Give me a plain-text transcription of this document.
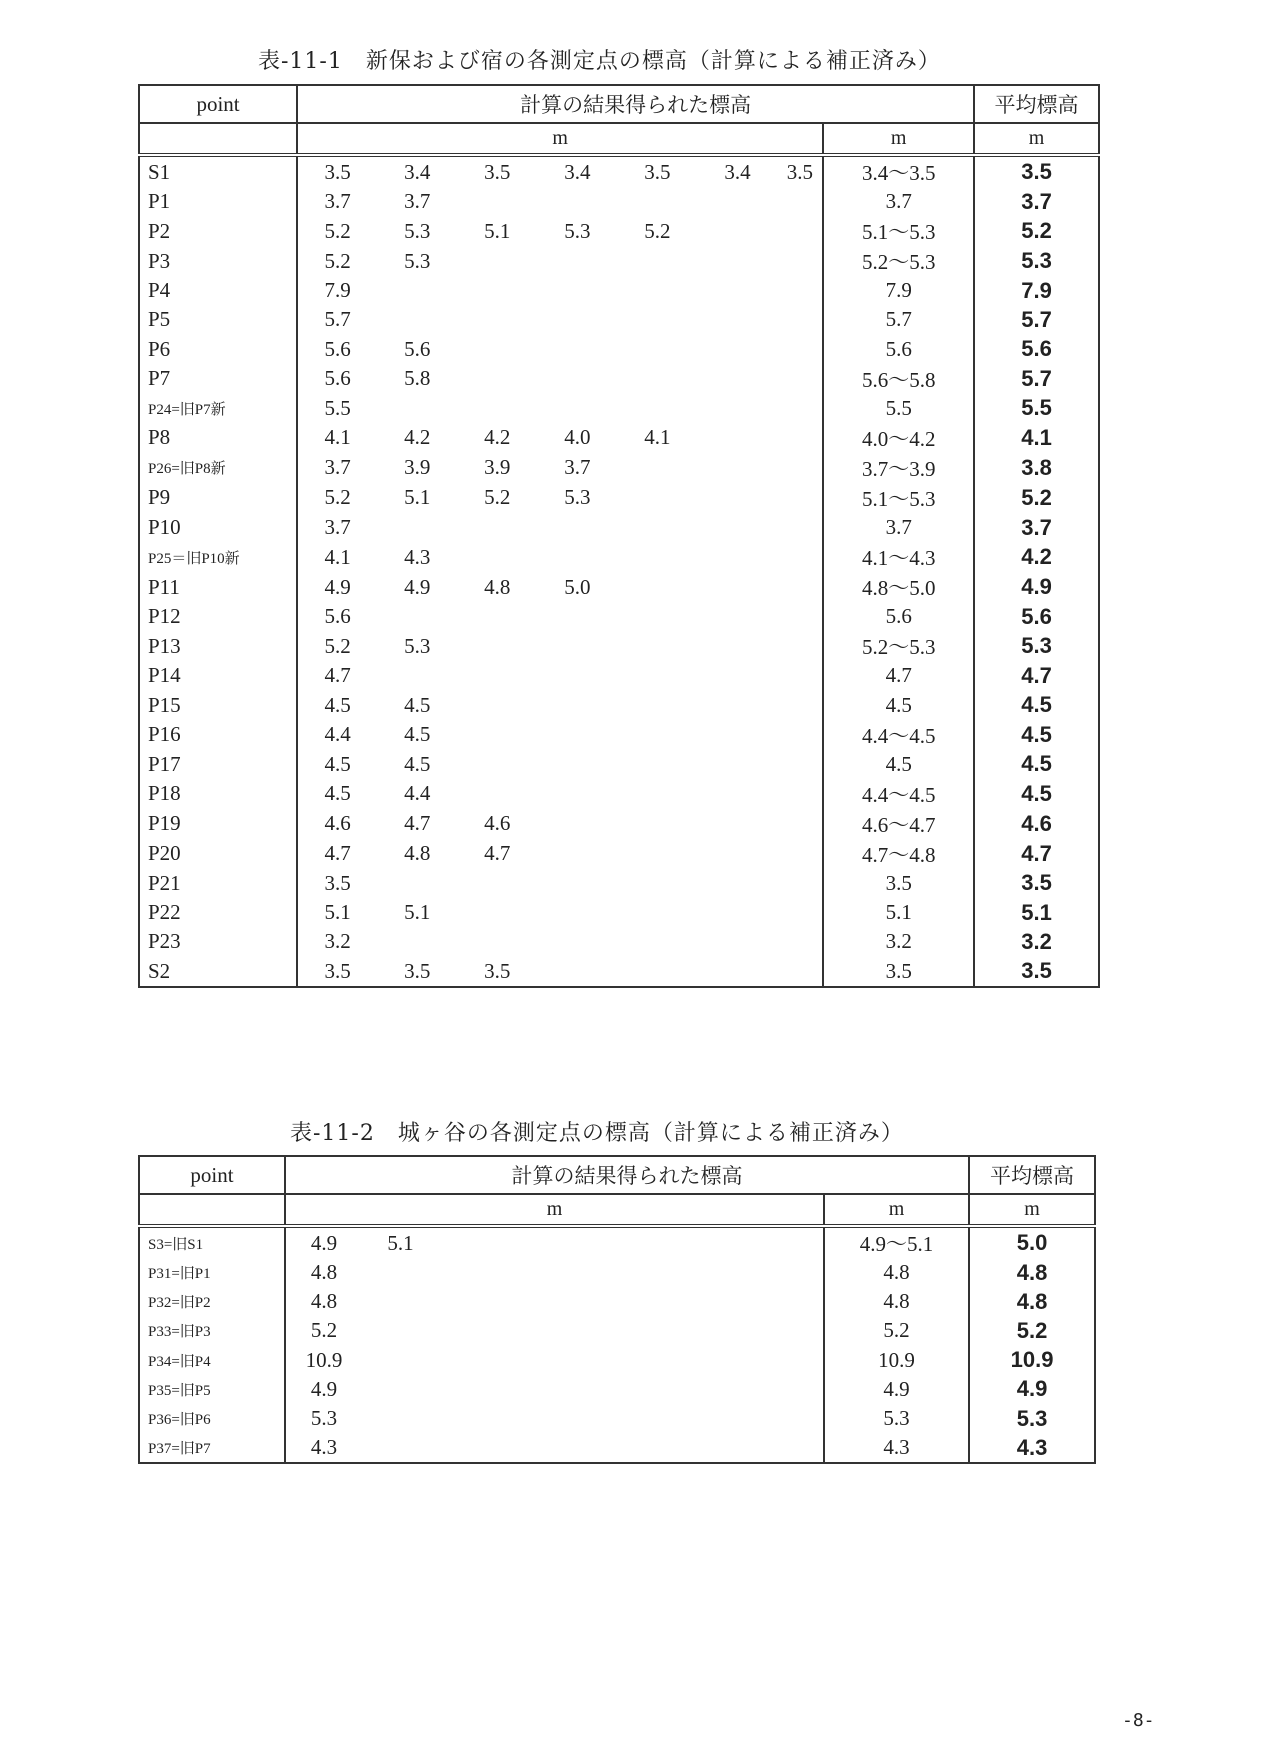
表-11-1　新保および宿の各測定点の標高（計算による補正済み）
point	計算の結果得られた標高								平均標高
	m							m	m
S1	3.5	3.4	3.5	3.4	3.5	3.4	3.5	3.4～3.5	3.5
P1	3.7	3.7						3.7	3.7
P2	5.2	5.3	5.1	5.3	5.2			5.1～5.3	5.2
P3	5.2	5.3						5.2～5.3	5.3
P4	7.9							7.9	7.9
P5	5.7							5.7	5.7
P6	5.6	5.6						5.6	5.6
P7	5.6	5.8						5.6～5.8	5.7
P24=旧P7新	5.5							5.5	5.5
P8	4.1	4.2	4.2	4.0	4.1			4.0～4.2	4.1
P26=旧P8新	3.7	3.9	3.9	3.7				3.7～3.9	3.8
P9	5.2	5.1	5.2	5.3				5.1～5.3	5.2
P10	3.7							3.7	3.7
P25＝旧P10新	4.1	4.3						4.1～4.3	4.2
P11	4.9	4.9	4.8	5.0				4.8～5.0	4.9
P12	5.6							5.6	5.6
P13	5.2	5.3						5.2～5.3	5.3
P14	4.7							4.7	4.7
P15	4.5	4.5						4.5	4.5
P16	4.4	4.5						4.4～4.5	4.5
P17	4.5	4.5						4.5	4.5
P18	4.5	4.4						4.4～4.5	4.5
P19	4.6	4.7	4.6					4.6～4.7	4.6
P20	4.7	4.8	4.7					4.7～4.8	4.7
P21	3.5							3.5	3.5
P22	5.1	5.1						5.1	5.1
P23	3.2							3.2	3.2
S2	3.5	3.5	3.5					3.5	3.5
表-11-2　城ヶ谷の各測定点の標高（計算による補正済み）
point	計算の結果得られた標高			平均標高
	m		m	m
S3=旧S1	4.9	5.1	4.9～5.1	5.0
P31=旧P1	4.8		4.8	4.8
P32=旧P2	4.8		4.8	4.8
P33=旧P3	5.2		5.2	5.2
P34=旧P4	10.9		10.9	10.9
P35=旧P5	4.9		4.9	4.9
P36=旧P6	5.3		5.3	5.3
P37=旧P7	4.3		4.3	4.3
-8-
